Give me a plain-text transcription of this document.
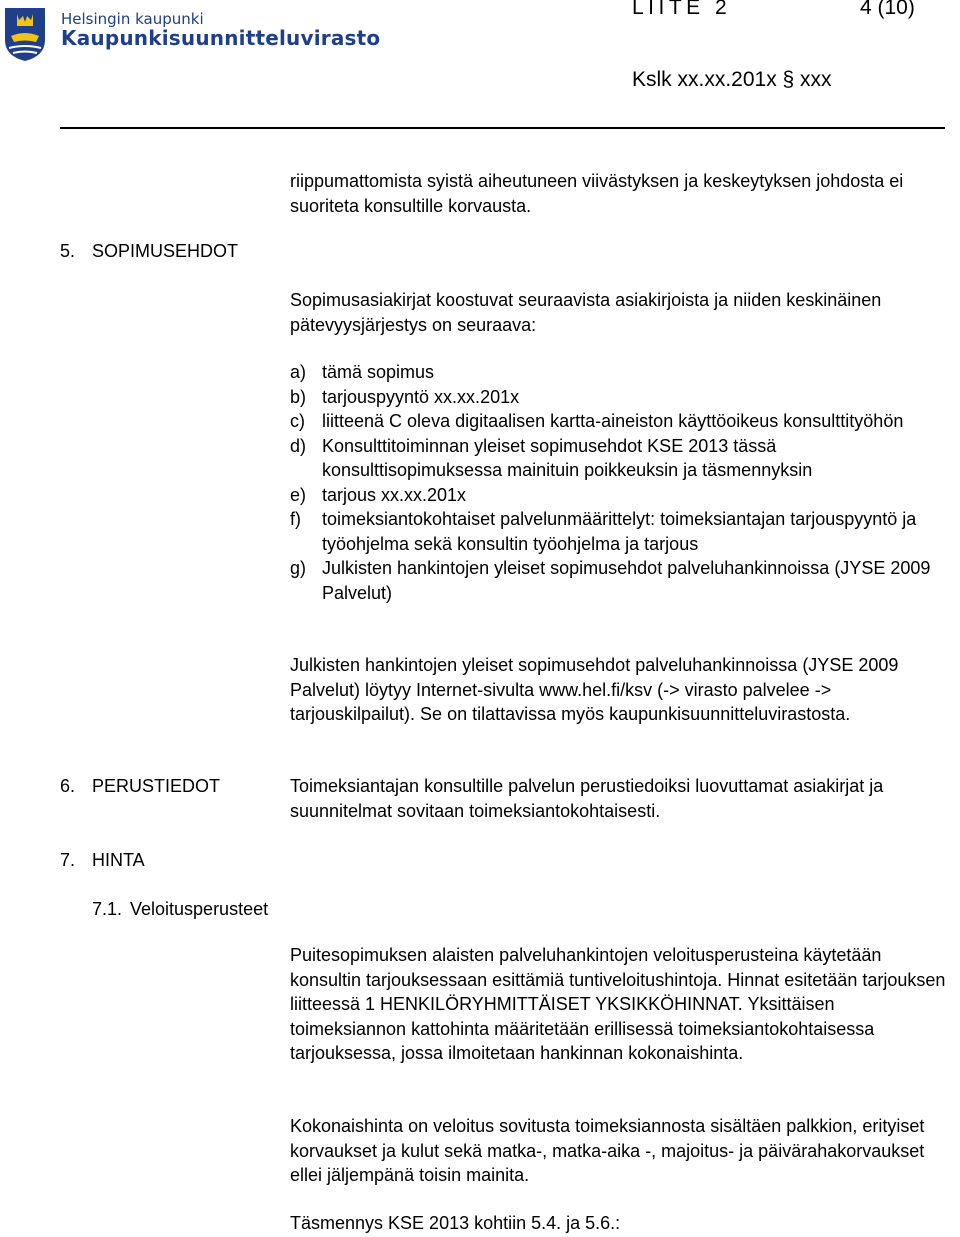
Helsingin kaupunki
Kaupunkisuunnitteluvirasto
LIITE 2	4 (10)
Kslk xx.xx.201x § xxx
riippumattomista syistä aiheutuneen viivästyksen ja keskeytyksen johdosta ei suoriteta konsultille korvausta.
5. SOPIMUSEHDOT
Sopimusasiakirjat koostuvat seuraavista asiakirjoista ja niiden keskinäinen pätevyysjärjestys on seuraava:
a) tämä sopimus
b) tarjouspyyntö xx.xx.201x
c) liitteenä C oleva digitaalisen kartta-aineiston käyttöoikeus konsulttityöhön
d) Konsulttitoiminnan yleiset sopimusehdot KSE 2013 tässä konsulttisopimuksessa mainituin poikkeuksin ja täsmennyksin
e) tarjous xx.xx.201x
f) toimeksiantokohtaiset palvelunmäärittelyt: toimeksiantajan tarjouspyyntö ja työohjelma sekä konsultin työohjelma ja tarjous
g) Julkisten hankintojen yleiset sopimusehdot palveluhankinnoissa (JYSE 2009 Palvelut)
Julkisten hankintojen yleiset sopimusehdot palveluhankinnoissa (JYSE 2009 Palvelut) löytyy Internet-sivulta www.hel.fi/ksv (-> virasto palvelee -> tarjouskilpailut). Se on tilattavissa myös kaupunkisuunnitteluvirastosta.
6. PERUSTIEDOT	Toimeksiantajan konsultille palvelun perustiedoiksi luovuttamat asiakirjat ja suunnitelmat sovitaan toimeksiantokohtaisesti.
7. HINTA
7.1. Veloitusperusteet
Puitesopimuksen alaisten palveluhankintojen veloitusperusteina käytetään konsultin tarjouksessaan esittämiä tuntiveloitushintoja. Hinnat esitetään tarjouksen liitteessä 1 HENKILÖRYHMITTÄISET YKSIKKÖHINNAT. Yksittäisen toimeksiannon kattohinta määritetään erillisessä toimeksiantokohtaisessa tarjouksessa, jossa ilmoitetaan hankinnan kokonaishinta.
Kokonaishinta on veloitus sovitusta toimeksiannosta sisältäen palkkion, erityiset korvaukset ja kulut sekä matka-, matka-aika -, majoitus- ja päivärahakorvaukset ellei jäljempänä toisin mainita.
Täsmennys KSE 2013 kohtiin 5.4. ja 5.6.:
